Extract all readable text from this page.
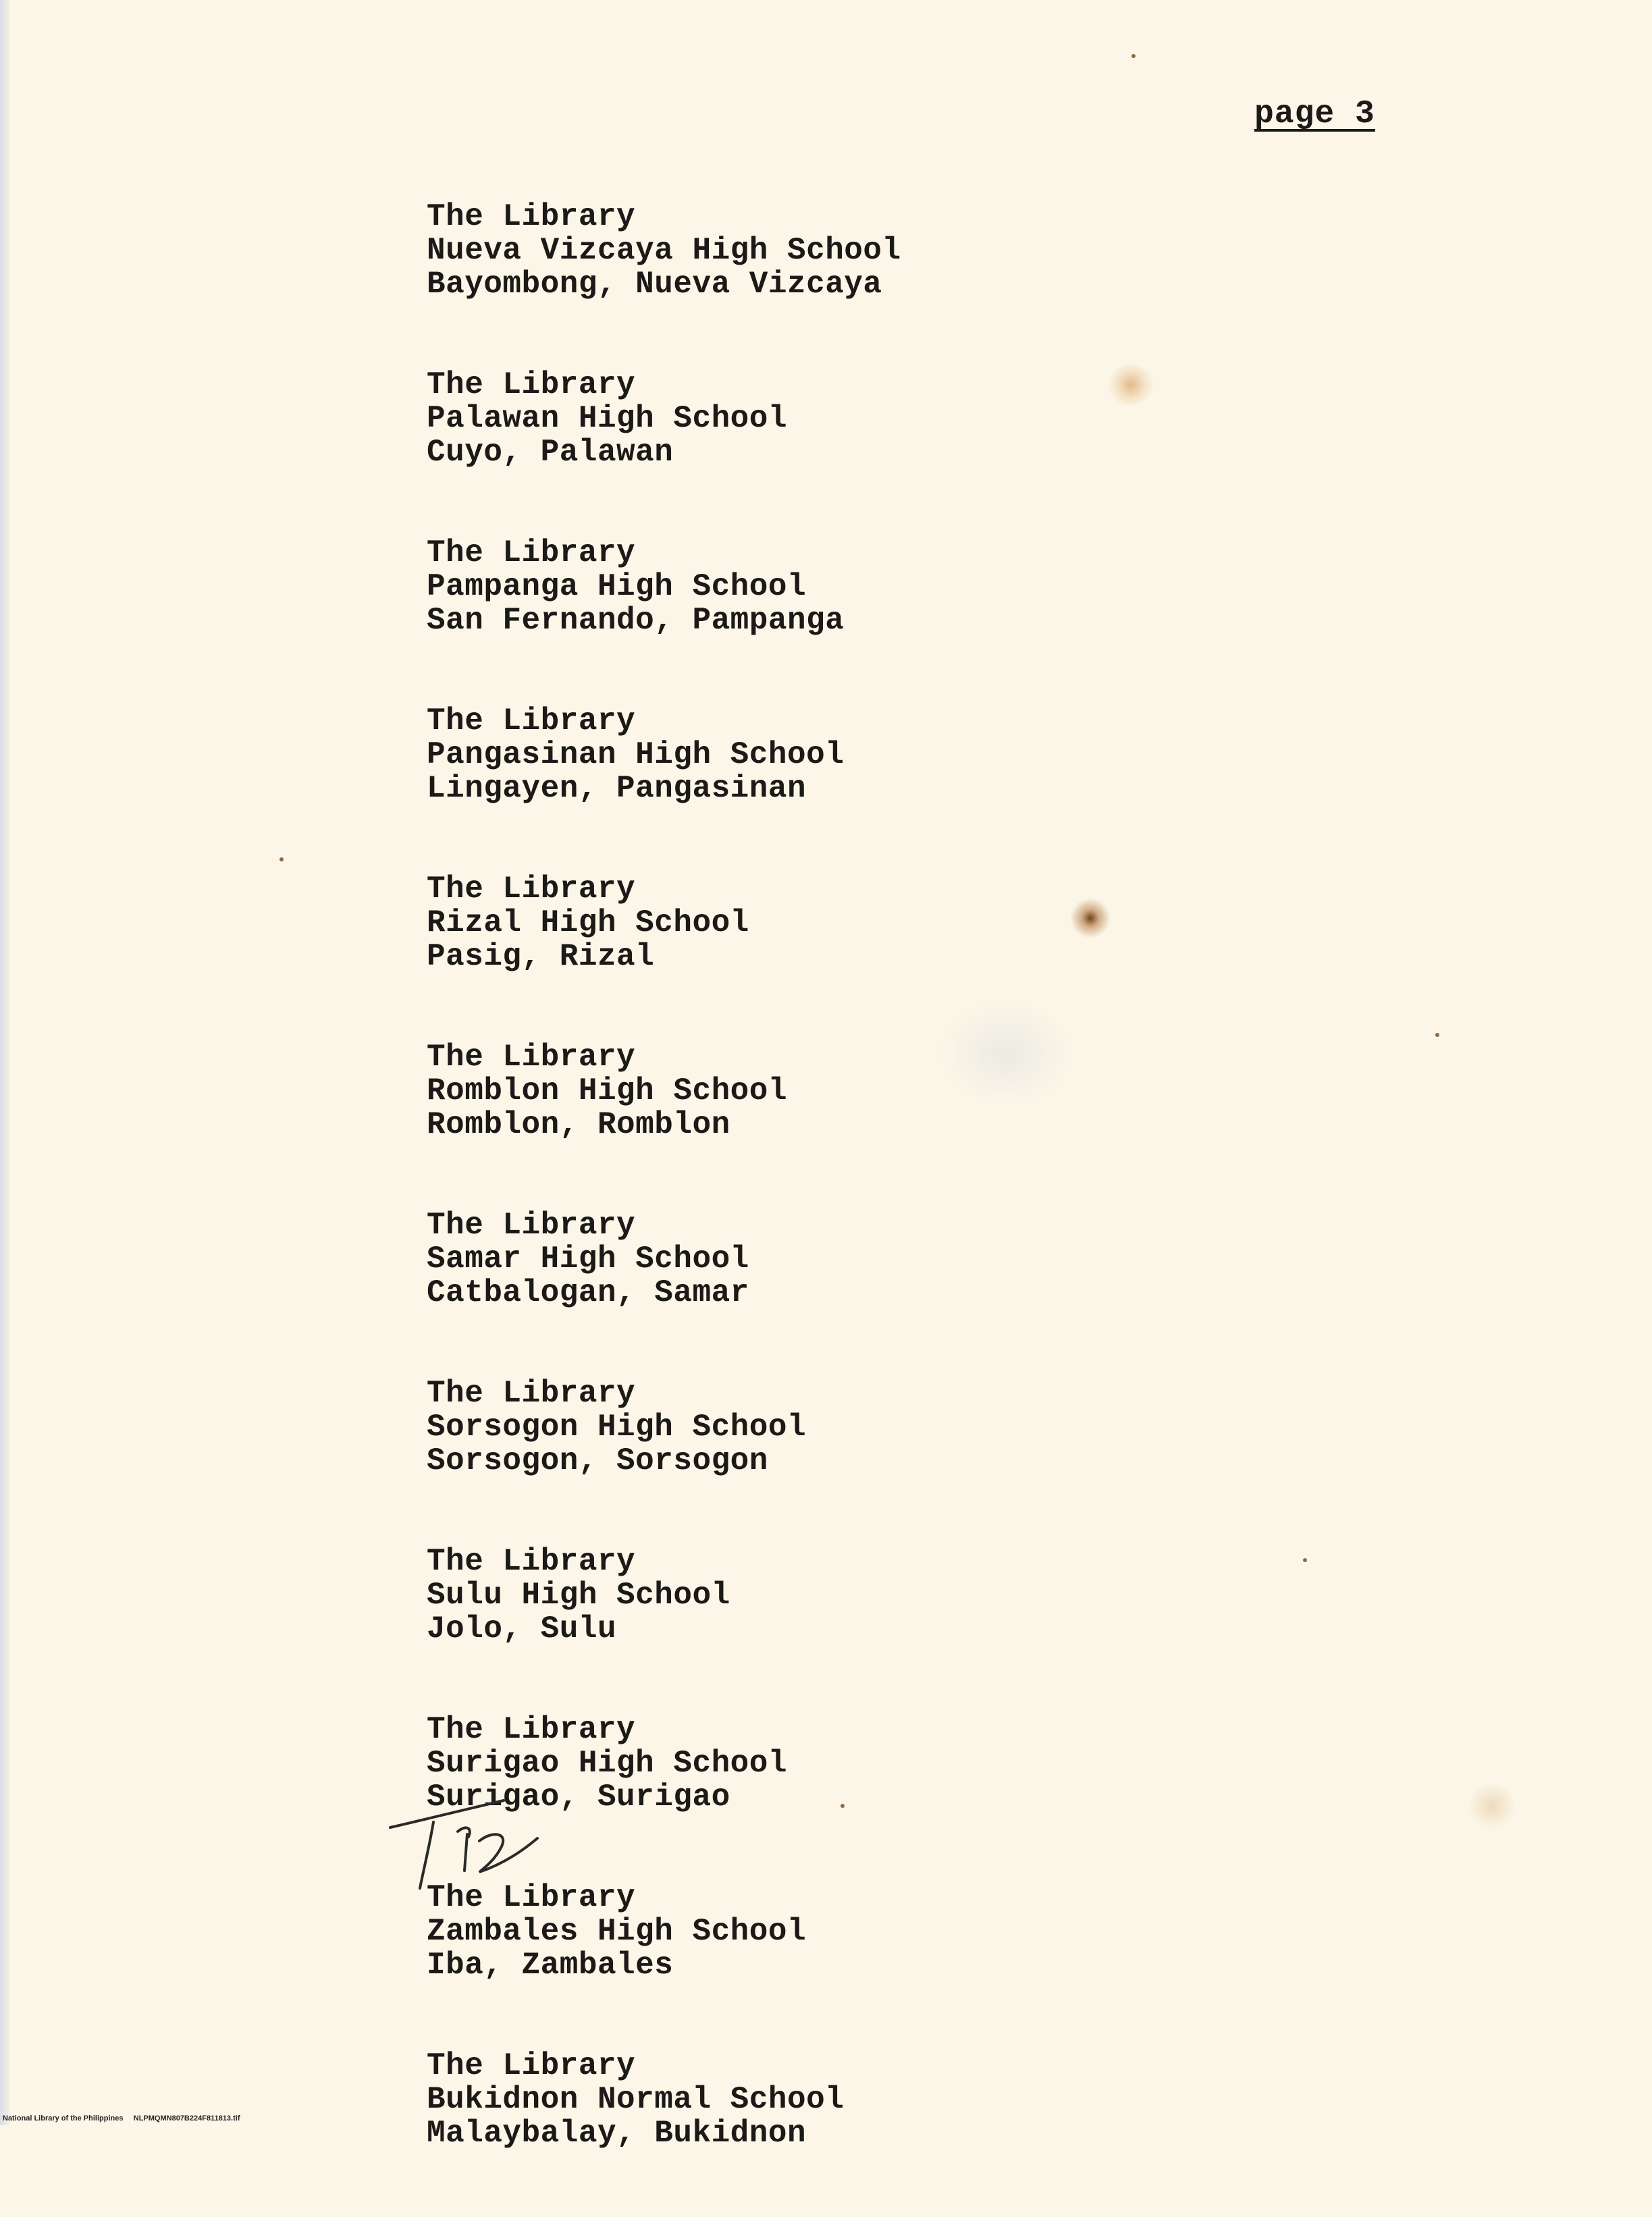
page 3
The Library
Nueva Vizcaya High School
Bayombong, Nueva Vizcaya
The Library
Palawan High School
Cuyo, Palawan
The Library
Pampanga High School
San Fernando, Pampanga
The Library
Pangasinan High School
Lingayen, Pangasinan
The Library
Rizal High School
Pasig, Rizal
The Library
Romblon High School
Romblon, Romblon
The Library
Samar High School
Catbalogan, Samar
The Library
Sorsogon High School
Sorsogon, Sorsogon
The Library
Sulu High School
Jolo, Sulu
The Library
Surigao High School
Surigao, Surigao
The Library
Zambales High School
Iba, Zambales
The Library
Bukidnon Normal School
Malaybalay, Bukidnon
National Library of the Philippines     NLPMQMN807B224F811813.tif
